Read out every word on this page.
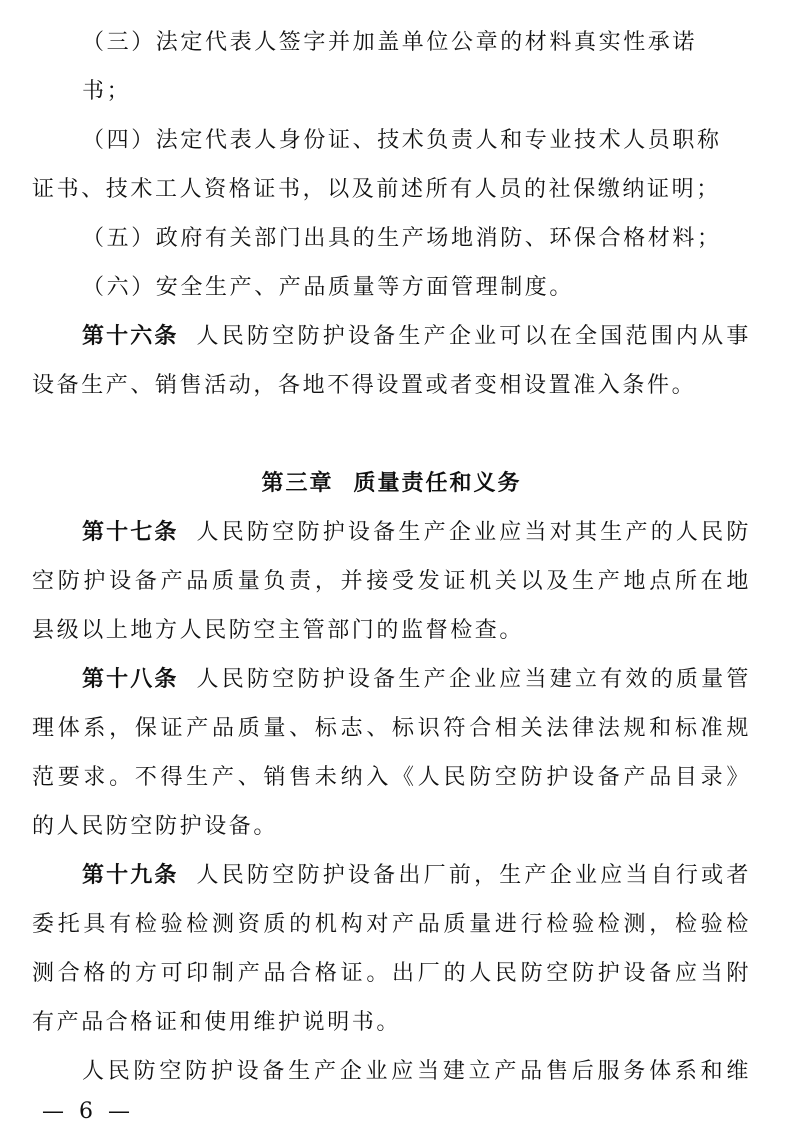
（三）法定代表人签字并加盖单位公章的材料真实性承诺
书；
（四）法定代表人身份证、技术负责人和专业技术人员职称
证书、技术工人资格证书，以及前述所有人员的社保缴纳证明；
（五）政府有关部门出具的生产场地消防、环保合格材料；
（六）安全生产、产品质量等方面管理制度。
第十六条 人民防空防护设备生产企业可以在全国范围内从事
设备生产、销售活动，各地不得设置或者变相设置准入条件。
第三章 质量责任和义务
第十七条 人民防空防护设备生产企业应当对其生产的人民防
空防护设备产品质量负责，并接受发证机关以及生产地点所在地
县级以上地方人民防空主管部门的监督检查。
第十八条 人民防空防护设备生产企业应当建立有效的质量管
理体系，保证产品质量、标志、标识符合相关法律法规和标准规
范要求。不得生产、销售未纳入《人民防空防护设备产品目录》
的人民防空防护设备。
第十九条 人民防空防护设备出厂前，生产企业应当自行或者
委托具有检验检测资质的机构对产品质量进行检验检测，检验检
测合格的方可印制产品合格证。出厂的人民防空防护设备应当附
有产品合格证和使用维护说明书。
人民防空防护设备生产企业应当建立产品售后服务体系和维
— 6 —
